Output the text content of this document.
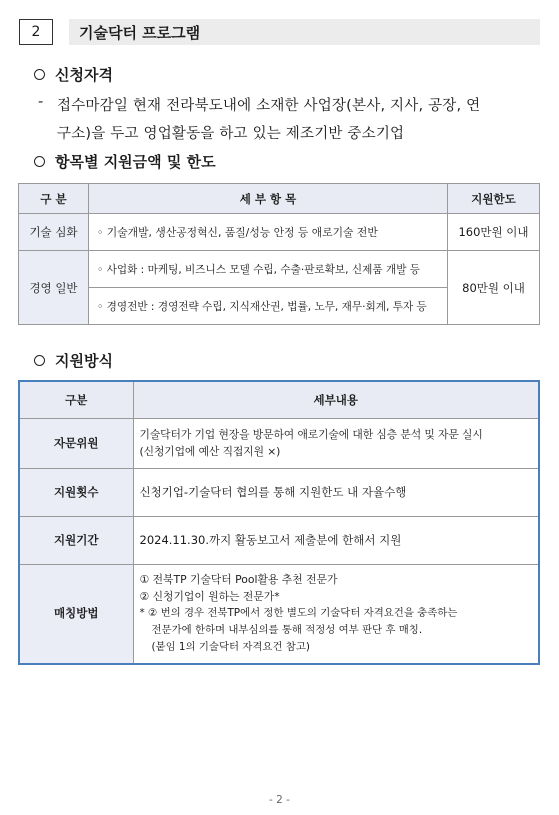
2	기술닥터 프로그램
신청자격
- 접수마감일 현재 전라북도내에 소재한 사업장(본사, 지사, 공장, 연
구소)을 두고 영업활동을 하고 있는 제조기반 중소기업
항목별 지원금액 및 한도
구 분	세 부 항 목	지원한도
기술 심화	◦ 기술개발, 생산공정혁신, 품질/성능 안정 등 애로기술 전반	160만원 이내
경영 일반	◦ 사업화 : 마케팅, 비즈니스 모델 수립, 수출·판로확보, 신제품 개발 등	80만원 이내
	◦ 경영전반 : 경영전략 수립, 지식재산권, 법률, 노무, 재무·회계, 투자 등	
지원방식
구분	세부내용
자문위원	기술닥터가 기업 현장을 방문하여 애로기술에 대한 심층 분석 및 자문 실시
(신청기업에 예산 직접지원 ×)

지원횟수	신청기업-기술닥터 협의를 통해 지원한도 내 자율수행
지원기간	2024.11.30.까지 활동보고서 제출분에 한해서 지원
매칭방법	① 전북TP 기술닥터 Pool활용 추천 전문가
② 신청기업이 원하는 전문가*
* ② 번의 경우 전북TP에서 정한 별도의 기술닥터 자격요건을 충족하는
전문가에 한하며 내부심의를 통해 적정성 여부 판단 후 매칭.
(붙임 1의 기술닥터 자격요건 참고)
- 2 -
